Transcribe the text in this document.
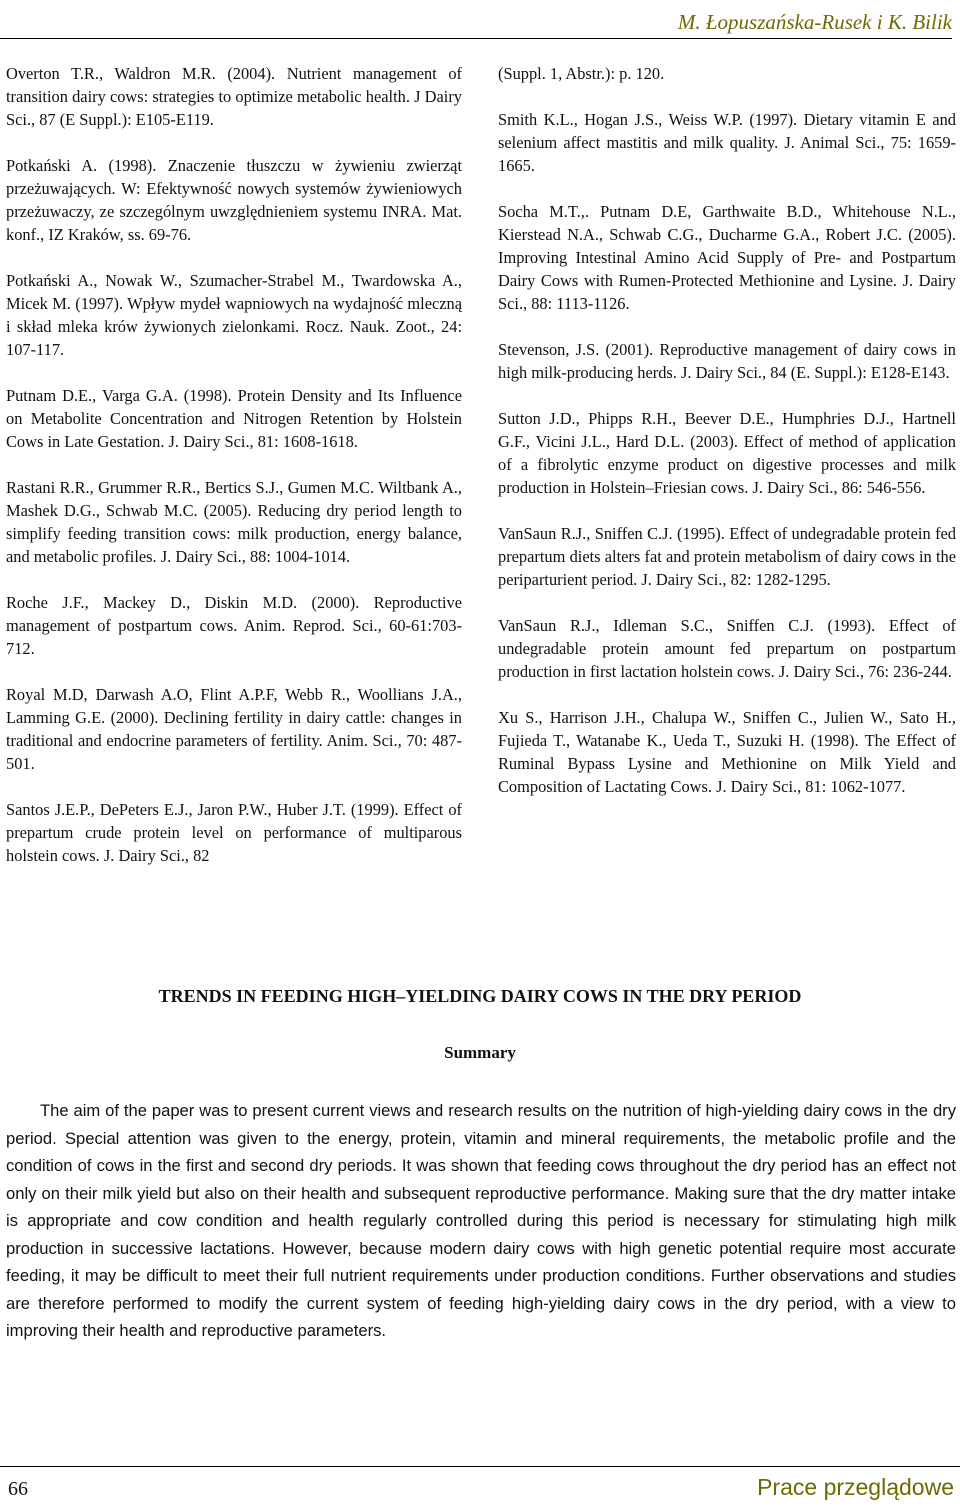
M. Łopuszańska-Rusek i K. Bilik

Overton T.R., Waldron M.R. (2004). Nutrient management of transition dairy cows: strategies to optimize metabolic health. J Dairy Sci., 87 (E Suppl.): E105-E119.

Potkański A. (1998). Znaczenie tłuszczu w żywieniu zwierząt przeżuwających. W: Efektywność nowych systemów żywieniowych przeżuwaczy, ze szczególnym uwzględnieniem systemu INRA. Mat. konf., IZ Kraków, ss. 69-76.

Potkański A., Nowak W., Szumacher-Strabel M., Twardowska A., Micek M. (1997). Wpływ mydeł wapniowych na wydajność mleczną i skład mleka krów żywionych zielonkami. Rocz. Nauk. Zoot., 24: 107-117.

Putnam D.E., Varga G.A. (1998). Protein Density and Its Influence on Metabolite Concentration and Nitrogen Retention by Holstein Cows in Late Gestation. J. Dairy Sci., 81: 1608-1618.

Rastani R.R., Grummer R.R., Bertics S.J., Gumen M.C. Wiltbank A., Mashek D.G., Schwab M.C. (2005). Reducing dry period length to simplify feeding transition cows: milk production, energy balance, and metabolic profiles. J. Dairy Sci., 88: 1004-1014.

Roche J.F., Mackey D., Diskin M.D. (2000). Reproductive management of postpartum cows. Anim. Reprod. Sci., 60-61:703-712.

Royal M.D, Darwash A.O, Flint A.P.F, Webb R., Woollians J.A., Lamming G.E. (2000). Declining fertility in dairy cattle: changes in traditional and endocrine parameters of fertility. Anim. Sci., 70: 487-501.

Santos J.E.P., DePeters E.J., Jaron P.W., Huber J.T. (1999). Effect of prepartum crude protein level on performance of multiparous holstein cows. J. Dairy Sci., 82

(Suppl. 1, Abstr.): p. 120.

Smith K.L., Hogan J.S., Weiss W.P. (1997). Dietary vitamin E and selenium affect mastitis and milk quality. J. Animal Sci., 75: 1659-1665.

Socha M.T.,. Putnam D.E, Garthwaite B.D., Whitehouse N.L., Kierstead N.A., Schwab C.G., Ducharme G.A., Robert J.C. (2005). Improving Intestinal Amino Acid Supply of Pre- and Postpartum Dairy Cows with Rumen-Protected Methionine and Lysine. J. Dairy Sci., 88: 1113-1126.

Stevenson, J.S. (2001). Reproductive management of dairy cows in high milk-producing herds. J. Dairy Sci., 84 (E. Suppl.): E128-E143.

Sutton J.D., Phipps R.H., Beever D.E., Humphries D.J., Hartnell G.F., Vicini J.L., Hard D.L. (2003). Effect of method of application of a fibrolytic enzyme product on digestive processes and milk production in Holstein–Friesian cows. J. Dairy Sci., 86: 546-556.

VanSaun R.J., Sniffen C.J. (1995). Effect of undegradable protein fed prepartum diets alters fat and protein metabolism of dairy cows in the periparturient period. J. Dairy Sci., 82: 1282-1295.

VanSaun R.J., Idleman S.C., Sniffen C.J. (1993). Effect of undegradable protein amount fed prepartum on postpartum production in first lactation holstein cows. J. Dairy Sci., 76: 236-244.

Xu S., Harrison J.H., Chalupa W., Sniffen C., Julien W., Sato H., Fujieda T., Watanabe K., Ueda T., Suzuki H. (1998). The Effect of Ruminal Bypass Lysine and Methionine on Milk Yield and Composition of Lactating Cows. J. Dairy Sci., 81: 1062-1077.

TRENDS IN FEEDING HIGH–YIELDING DAIRY COWS IN THE DRY PERIOD
Summary

The aim of the paper was to present current views and research results on the nutrition of high-yielding dairy cows in the dry period. Special attention was given to the energy, protein, vitamin and mineral requirements, the metabolic profile and the condition of cows in the first and second dry periods. It was shown that feeding cows throughout the dry period has an effect not only on their milk yield but also on their health and subsequent reproductive performance. Making sure that the dry matter intake is appropriate and cow condition and health regularly controlled during this period is necessary for stimulating high milk production in successive lactations. However, because modern dairy cows with high genetic potential require most accurate feeding, it may be difficult to meet their full nutrient requirements under production conditions. Further observations and studies are therefore performed to modify the current system of feeding high-yielding dairy cows in the dry period, with a view to improving their health and reproductive parameters.

66	Prace przeglądowe
